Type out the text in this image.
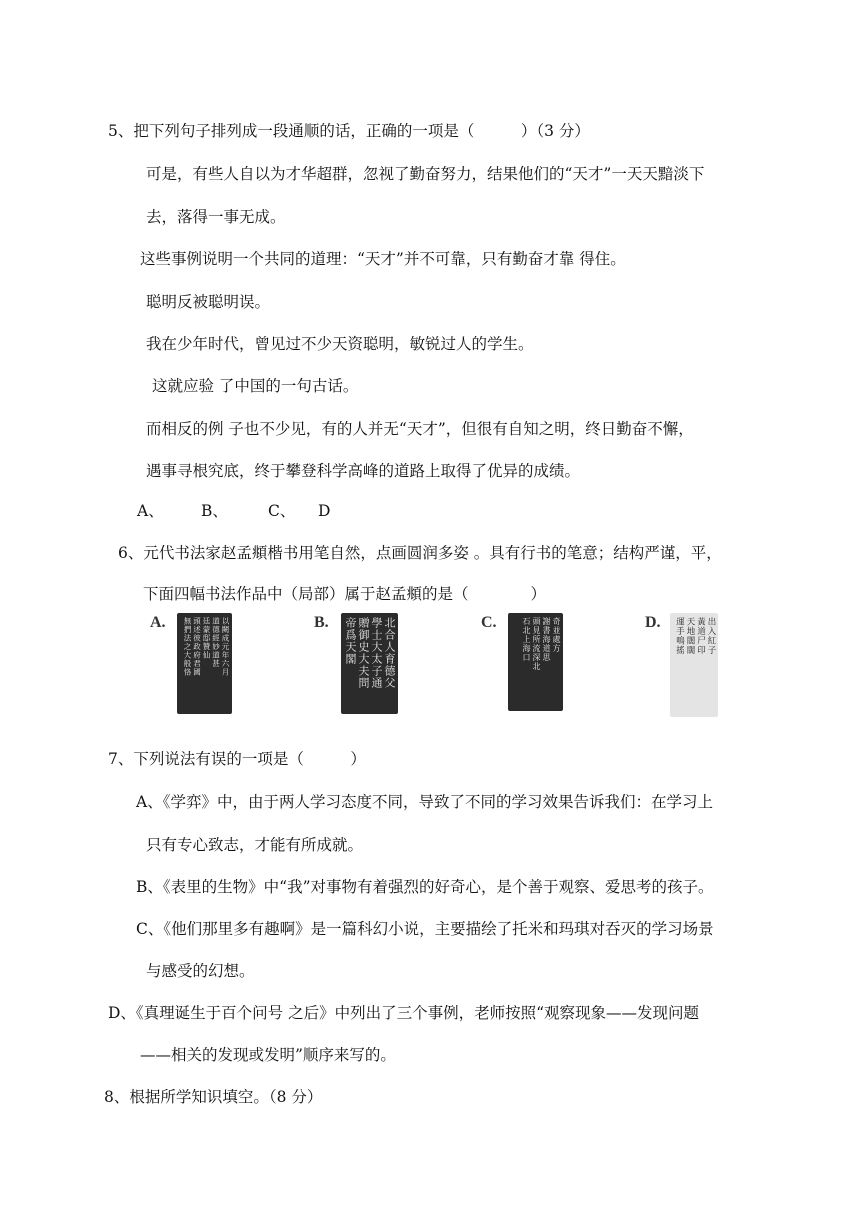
5、把下列句子排列成一段通顺的话，正确的一项是（　　　）（3 分）
可是，有些人自以为才华超群，忽视了勤奋努力，结果他们的“天才”一天天黯淡下
去，落得一事无成。
这些事例说明一个共同的道理：“天才”并不可靠，只有勤奋才靠 得住。
聪明反被聪明误。
我在少年时代，曾见过不少天资聪明，敏锐过人的学生。
这就应验 了中国的一句古话。
而相反的例 子也不少见，有的人并无“天才”，但很有自知之明，终日勤奋不懈，
遇事寻根究底，终于攀登科学高峰的道路上取得了优异的成绩。
A、 B、	C、 D
6、元代书法家赵孟頫楷书用笔自然，点画圆润多姿 。具有行书的笔意；结构严谨，平，
下面四幅书法作品中（局部）属于赵孟頫的是（　　　　）
A.	以闕成元年六月
道德經妙道甚
廷蒙邸贊仙
頭述彼政府君國
無捫法之大般恪	B.	北合人育德父
學士大太子通
贈御史大夫問
帝爲天閣	C.	奇並處方
謝書海道思
頭見所流深北
石北上海口	D.	出入紅子
黃道尸印
天地闊闊
運手鳴搖
7、下列说法有误的一项是（　　　）
A、《学弈》中，由于两人学习态度不同，导致了不同的学习效果告诉我们：在学习上
只有专心致志，才能有所成就。
B、《表里的生物》中“我”对事物有着强烈的好奇心，是个善于观察、爱思考的孩子。
C、《他们那里多有趣啊》是一篇科幻小说，主要描绘了托米和玛琪对吞灭的学习场景
与感受的幻想。
D、《真理诞生于百个问号 之后》中列出了三个事例，老师按照“观察现象——发现问题
——相关的发现或发明”顺序来写的。
8、根据所学知识填空。（8 分）
